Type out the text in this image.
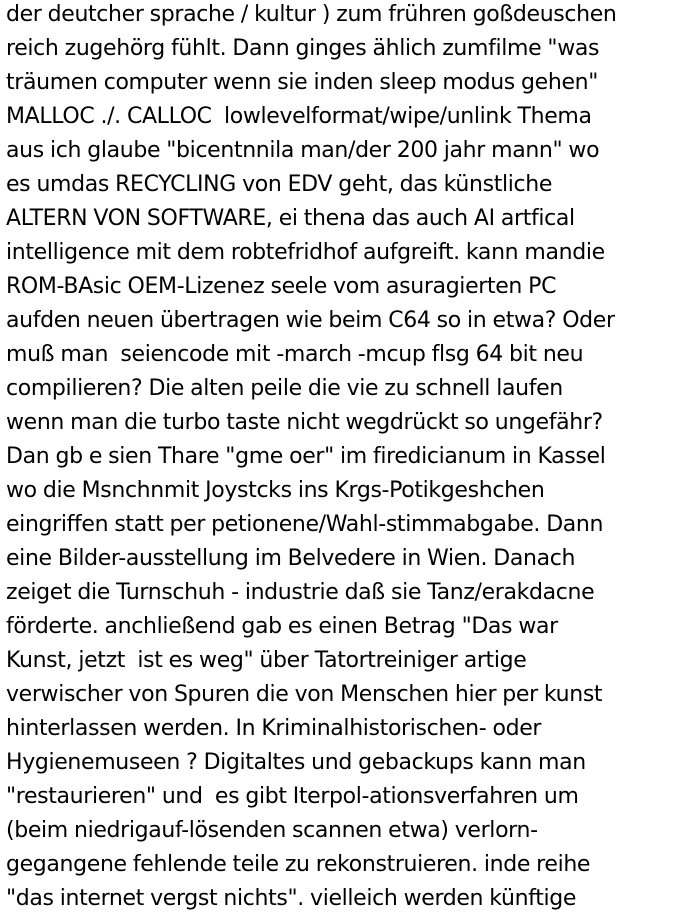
der deutcher sprache / kultur ) zum frühren goßdeuschen
reich zugehörg fühlt. Dann ginges ählich zumfilme "was
träumen computer wenn sie inden sleep modus gehen"
MALLOC ./. CALLOC  lowlevelformat/wipe/unlink Thema
aus ich glaube "bicentnnila man/der 200 jahr mann" wo
es umdas RECYCLING von EDV geht, das künstliche
ALTERN VON SOFTWARE, ei thena das auch AI artfical
intelligence mit dem robtefridhof aufgreift. kann mandie
ROM-BAsic OEM-Lizenez seele vom asuragierten PC
aufden neuen übertragen wie beim C64 so in etwa? Oder
muß man  seiencode mit -march -mcup flsg 64 bit neu
compilieren? Die alten peile die vie zu schnell laufen
wenn man die turbo taste nicht wegdrückt so ungefähr?
Dan gb e sien Thare "gme oer" im firedicianum in Kassel
wo die Msnchnmit Joystcks ins Krgs-Potikgeshchen
eingriffen statt per petionene/Wahl-stimmabgabe. Dann
eine Bilder-ausstellung im Belvedere in Wien. Danach
zeiget die Turnschuh - industrie daß sie Tanz/erakdacne
förderte. anchließend gab es einen Betrag "Das war
Kunst, jetzt  ist es weg" über Tatortreiniger artige
verwischer von Spuren die von Menschen hier per kunst
hinterlassen werden. In Kriminalhistorischen- oder
Hygienemuseen ? Digitaltes und gebackups kann man
"restaurieren" und  es gibt Iterpol-ationsverfahren um
(beim niedrigauf-lösenden scannen etwa) verlorn-
gegangene fehlende teile zu rekonstruieren. inde reihe
"das internet vergst nichts". vielleich werden künftige
